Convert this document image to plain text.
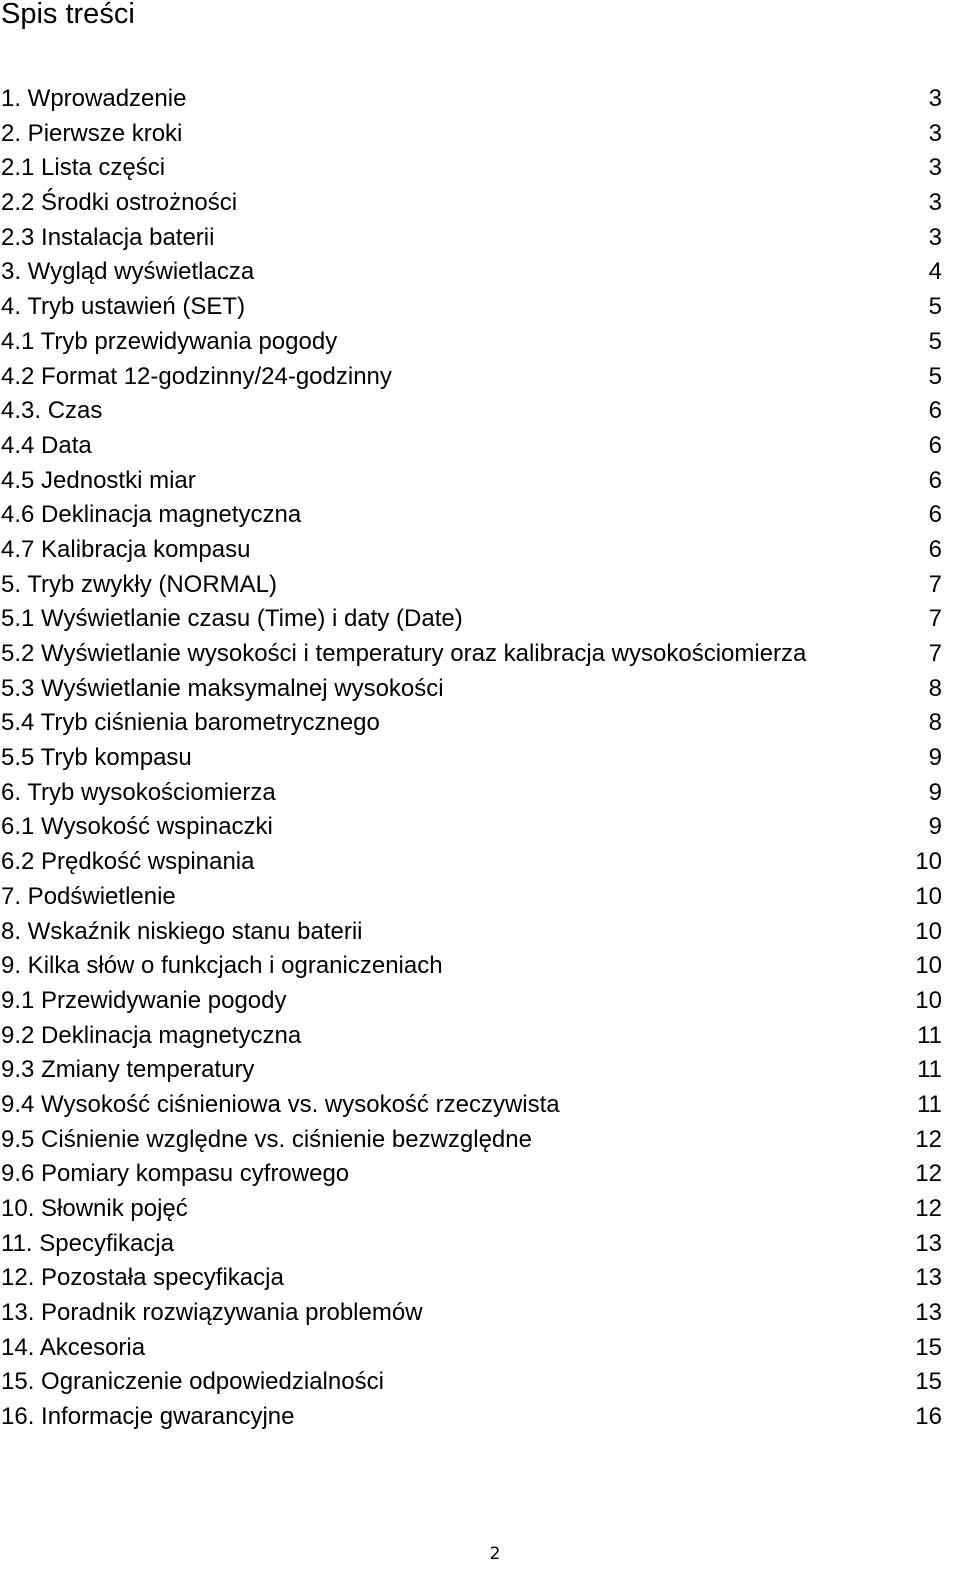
Spis treści
1. Wprowadzenie	3
2. Pierwsze kroki	3
2.1 Lista części	3
2.2 Środki ostrożności	3
2.3 Instalacja baterii	3
3. Wygląd wyświetlacza	4
4. Tryb ustawień (SET)	5
4.1 Tryb przewidywania pogody	5
4.2 Format 12-godzinny/24-godzinny	5
4.3. Czas	6
4.4 Data	6
4.5 Jednostki miar	6
4.6 Deklinacja magnetyczna	6
4.7 Kalibracja kompasu	6
5. Tryb zwykły (NORMAL)	7
5.1 Wyświetlanie czasu (Time) i daty (Date)	7
5.2 Wyświetlanie wysokości i temperatury oraz kalibracja wysokościomierza	7
5.3 Wyświetlanie maksymalnej wysokości	8
5.4 Tryb ciśnienia barometrycznego	8
5.5 Tryb kompasu	9
6. Tryb wysokościomierza	9
6.1 Wysokość wspinaczki	9
6.2 Prędkość wspinania	10
7. Podświetlenie	10
8. Wskaźnik niskiego stanu baterii	10
9. Kilka słów o funkcjach i ograniczeniach	10
9.1 Przewidywanie pogody	10
9.2 Deklinacja magnetyczna	11
9.3 Zmiany temperatury	11
9.4 Wysokość ciśnieniowa vs. wysokość rzeczywista	11
9.5 Ciśnienie względne vs. ciśnienie bezwzględne	12
9.6 Pomiary kompasu cyfrowego	12
10. Słownik pojęć	12
11. Specyfikacja	13
12. Pozostała specyfikacja	13
13. Poradnik rozwiązywania problemów	13
14. Akcesoria	15
15. Ograniczenie odpowiedzialności	15
16. Informacje gwarancyjne	16
2
